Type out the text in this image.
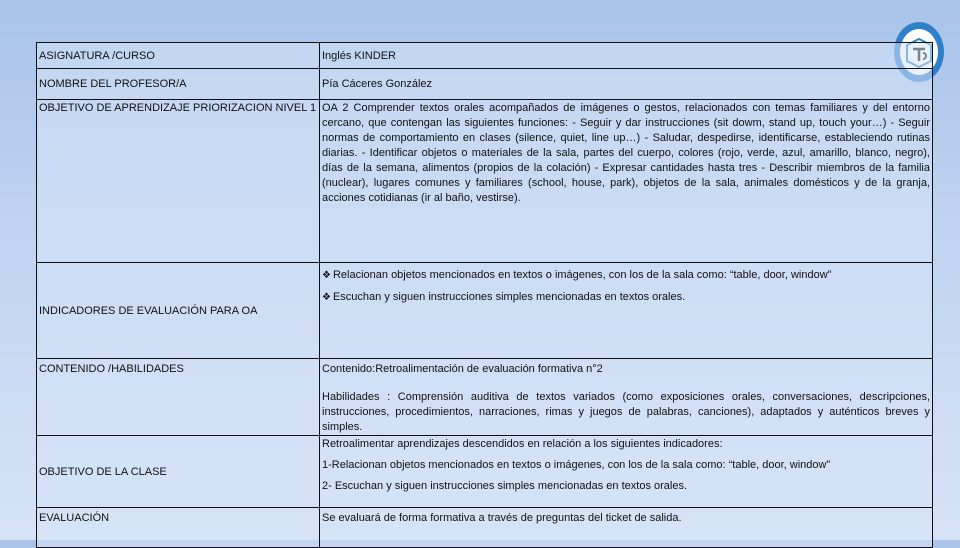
ASIGNATURA /CURSO	Inglés KINDER
NOMBRE DEL PROFESOR/A	Pía Cáceres González
OBJETIVO DE APRENDIZAJE PRIORIZACION NIVEL 1	OA 2 Comprender textos orales acompañados de imágenes o gestos, relacionados con temas familiares y del entorno cercano, que contengan las siguientes funciones: - Seguir y dar instrucciones (sit dowm, stand up, touch your…) - Seguir normas de comportamiento en clases (silence, quiet, line up…) - Saludar, despedirse, identificarse, estableciendo rutinas diarias. - Identificar objetos o materiales de la sala, partes del cuerpo, colores (rojo, verde, azul, amarillo, blanco, negro), días de la semana, alimentos (propios de la colación) - Expresar cantidades hasta tres - Describir miembros de la familia (nuclear), lugares comunes y familiares (school, house, park), objetos de la sala, animales domésticos y de la granja, acciones cotidianas (ir al baño, vestirse).
INDICADORES DE EVALUACIÓN PARA OA	❖ Relacionan objetos mencionados en textos o imágenes, con los de la sala como: “table, door, window”
❖ Escuchan y siguen instrucciones simples mencionadas en textos orales.

CONTENIDO /HABILIDADES	Contenido:Retroalimentación de evaluación formativa n°2
Habilidades : Comprensión auditiva de textos variados (como exposiciones orales, conversaciones, descripciones, instrucciones, procedimientos, narraciones, rimas y juegos de palabras, canciones), adaptados y auténticos breves y simples.

OBJETIVO DE LA CLASE	Retroalimentar aprendizajes descendidos en relación a los siguientes indicadores:
1-Relacionan objetos mencionados en textos o imágenes, con los de la sala como: “table, door, window”
2- Escuchan y siguen instrucciones simples mencionadas en textos orales.

EVALUACIÓN	Se evaluará de forma formativa a través de preguntas del ticket de salida.
